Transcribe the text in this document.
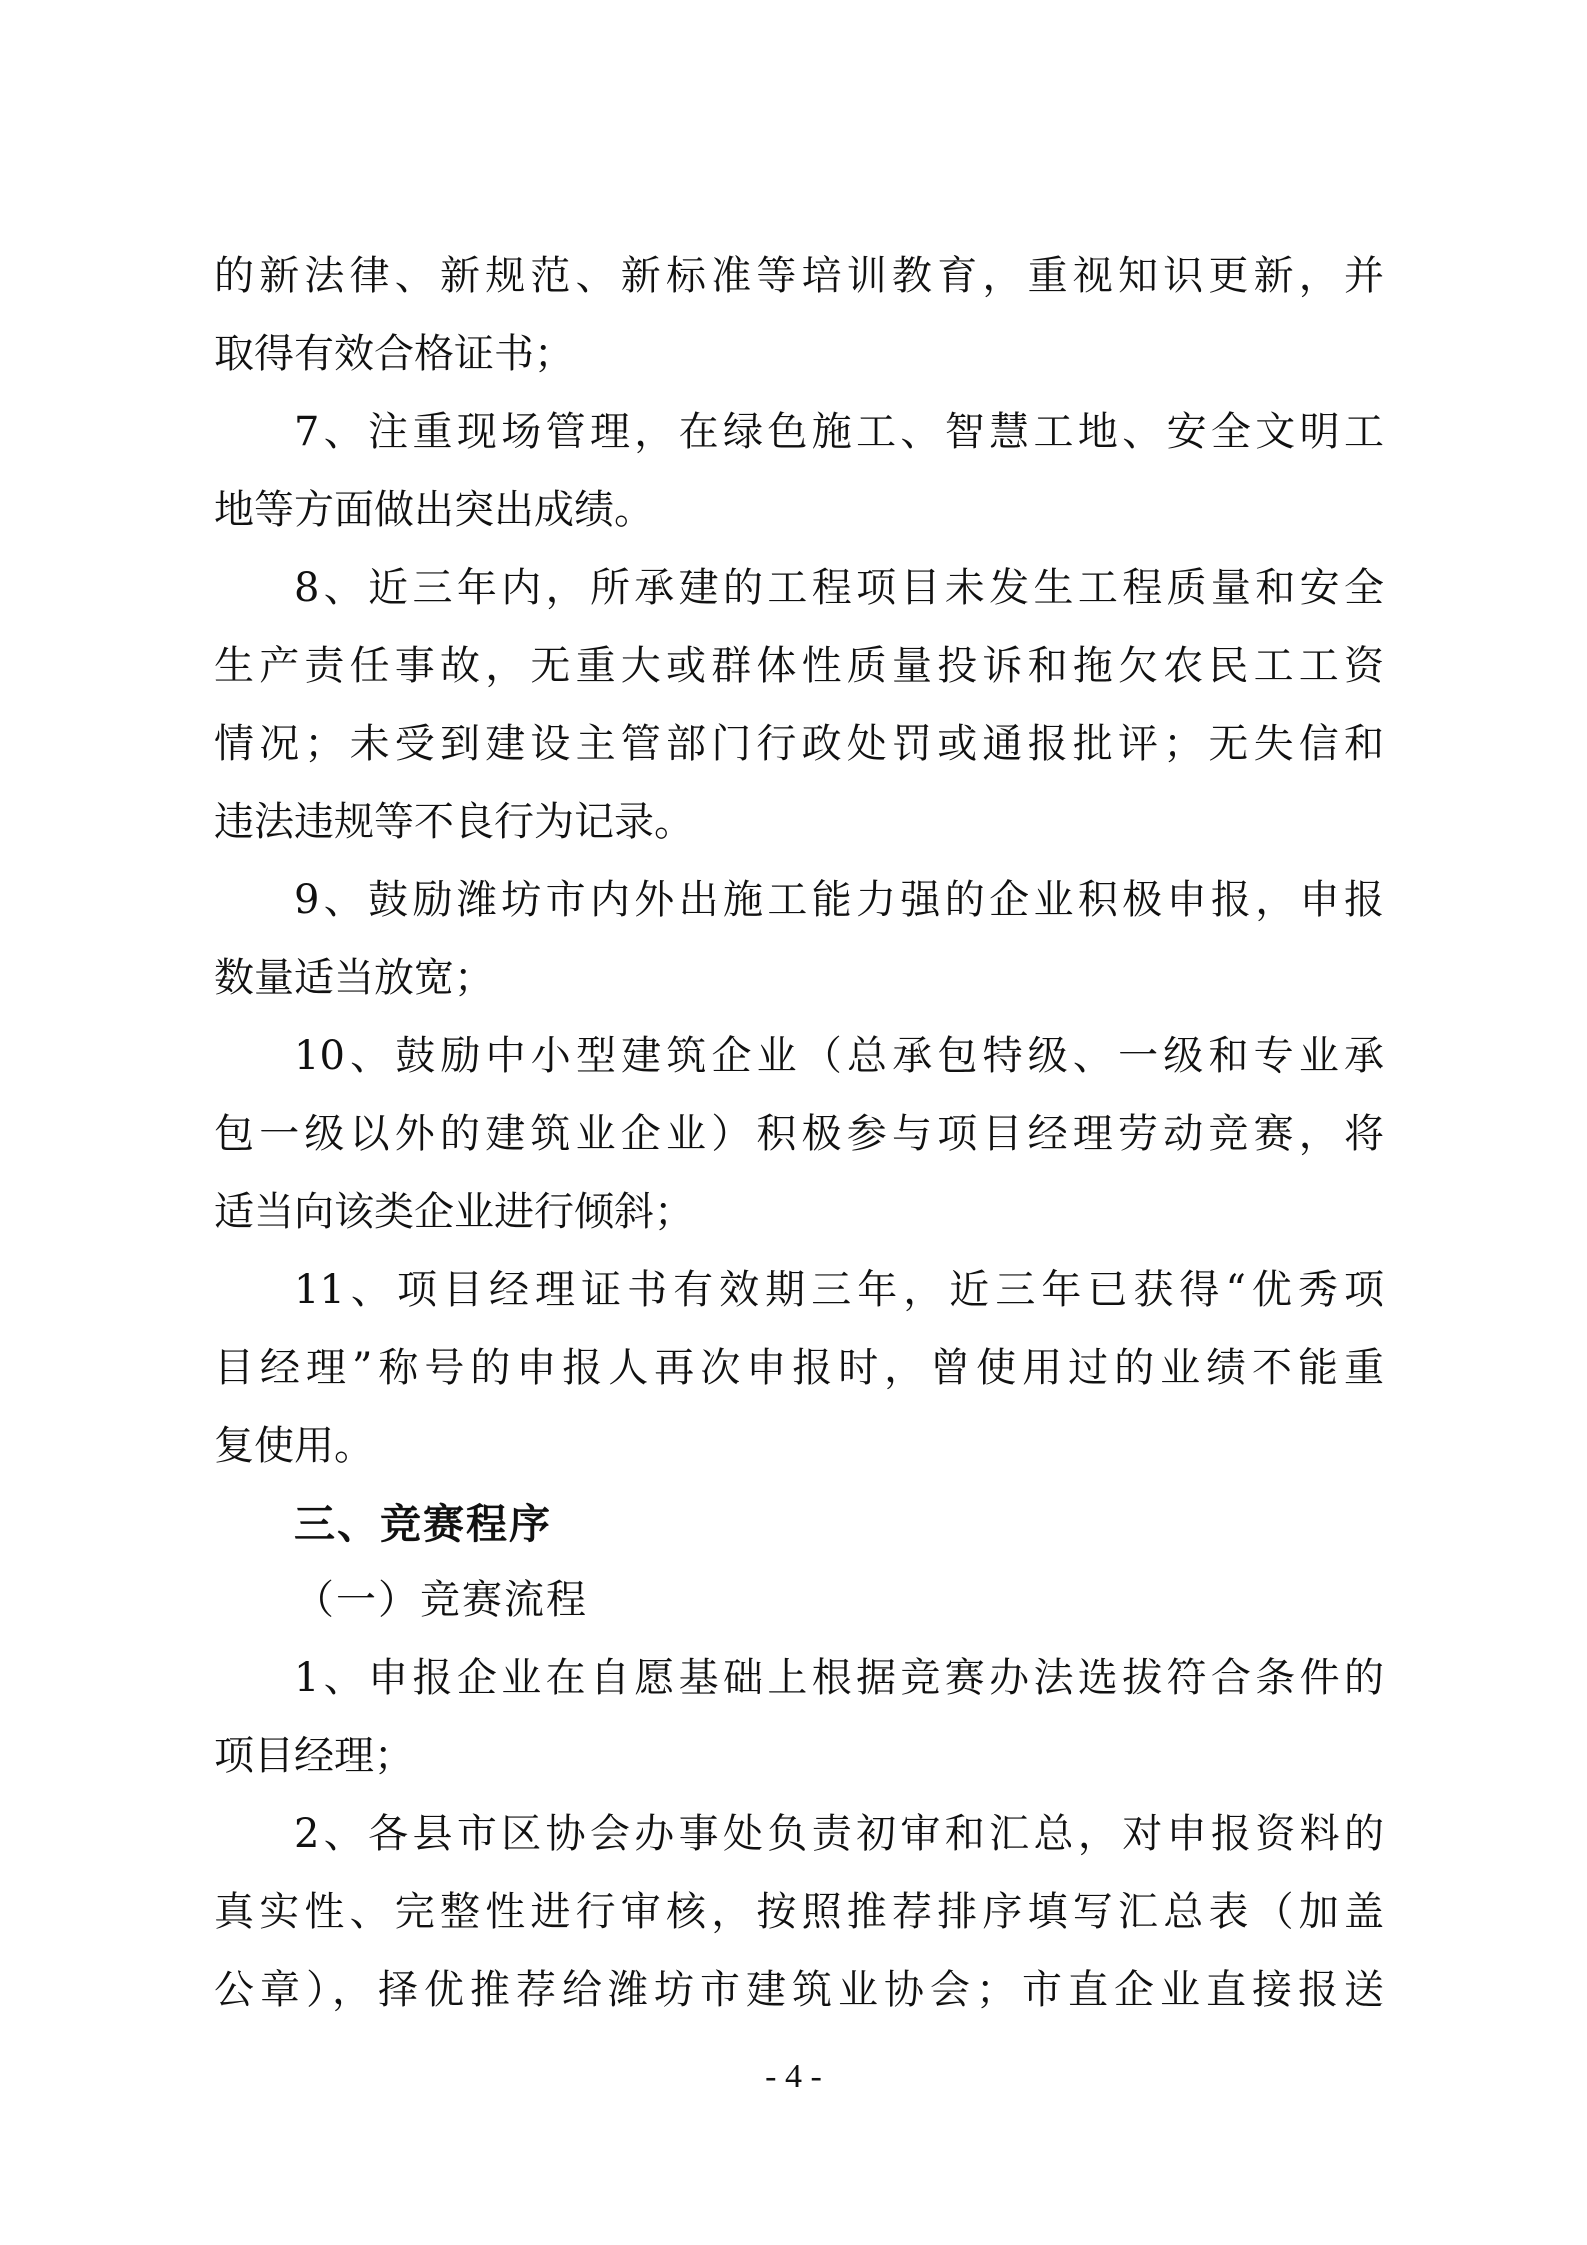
的新法律、新规范、新标准等培训教育，重视知识更新，并
取得有效合格证书；
7、注重现场管理，在绿色施工、智慧工地、安全文明工
地等方面做出突出成绩。
8、近三年内，所承建的工程项目未发生工程质量和安全
生产责任事故，无重大或群体性质量投诉和拖欠农民工工资
情况；未受到建设主管部门行政处罚或通报批评；无失信和
违法违规等不良行为记录。
9、鼓励潍坊市内外出施工能力强的企业积极申报，申报
数量适当放宽；
10、鼓励中小型建筑企业（总承包特级、一级和专业承
包一级以外的建筑业企业）积极参与项目经理劳动竞赛，将
适当向该类企业进行倾斜；
11、项目经理证书有效期三年，近三年已获得“优秀项
目经理”称号的申报人再次申报时，曾使用过的业绩不能重
复使用。
三、竞赛程序
（一）竞赛流程
1、申报企业在自愿基础上根据竞赛办法选拔符合条件的
项目经理；
2、各县市区协会办事处负责初审和汇总，对申报资料的
真实性、完整性进行审核，按照推荐排序填写汇总表（加盖
公章），择优推荐给潍坊市建筑业协会；市直企业直接报送
- 4 -
